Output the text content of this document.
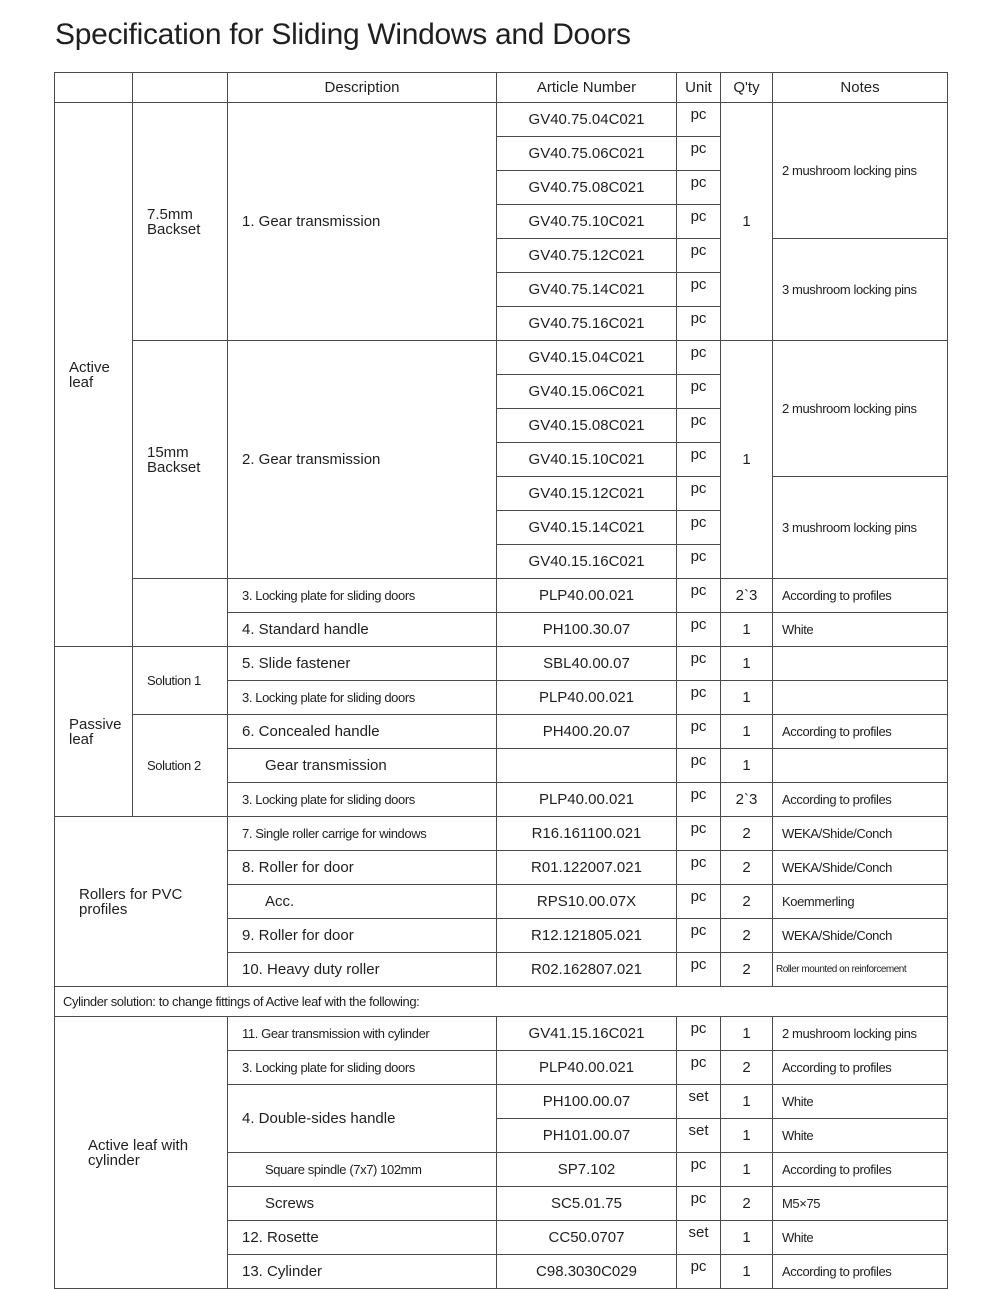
Specification for Sliding Windows and Doors
		Description	Article Number	Unit	Q'ty	Notes
Active leaf	7.5mm Backset	1. Gear transmission	GV40.75.04C021	pc	1	2 mushroom locking pins
			GV40.75.06C021	pc		
			GV40.75.08C021	pc		
			GV40.75.10C021	pc		
			GV40.75.12C021	pc		3 mushroom locking pins
			GV40.75.14C021	pc		
			GV40.75.16C021	pc		
	15mm Backset	2. Gear transmission	GV40.15.04C021	pc	1	2 mushroom locking pins
			GV40.15.06C021	pc		
			GV40.15.08C021	pc		
			GV40.15.10C021	pc		
			GV40.15.12C021	pc		3 mushroom locking pins
			GV40.15.14C021	pc		
			GV40.15.16C021	pc		
		3. Locking plate for sliding doors	PLP40.00.021	pc	2`3	According to profiles
		4. Standard handle	PH100.30.07	pc	1	White
Passive leaf	Solution 1	5. Slide fastener	SBL40.00.07	pc	1	
		3. Locking plate for sliding doors	PLP40.00.021	pc	1	
	Solution 2	6. Concealed handle	PH400.20.07	pc	1	According to profiles
		Gear transmission		pc	1	
		3. Locking plate for sliding doors	PLP40.00.021	pc	2`3	According to profiles
Rollers for PVC profiles		7. Single roller carrige for windows	R16.161100.021	pc	2	WEKA/Shide/Conch
		8. Roller for door	R01.122007.021	pc	2	WEKA/Shide/Conch
		Acc.	RPS10.00.07X	pc	2	Koemmerling
		9. Roller for door	R12.121805.021	pc	2	WEKA/Shide/Conch
		10. Heavy duty roller	R02.162807.021	pc	2	Roller mounted on reinforcement
Cylinder solution: to change fittings of Active leaf with the following:						
Active leaf with cylinder		11. Gear transmission with cylinder	GV41.15.16C021	pc	1	2 mushroom locking pins
		3. Locking plate for sliding doors	PLP40.00.021	pc	2	According to profiles
		4. Double-sides handle	PH100.00.07	set	1	White
			PH101.00.07	set	1	White
		Square spindle (7x7) 102mm	SP7.102	pc	1	According to profiles
		Screws	SC5.01.75	pc	2	M5×75
		12. Rosette	CC50.0707	set	1	White
		13. Cylinder	C98.3030C029	pc	1	According to profiles
